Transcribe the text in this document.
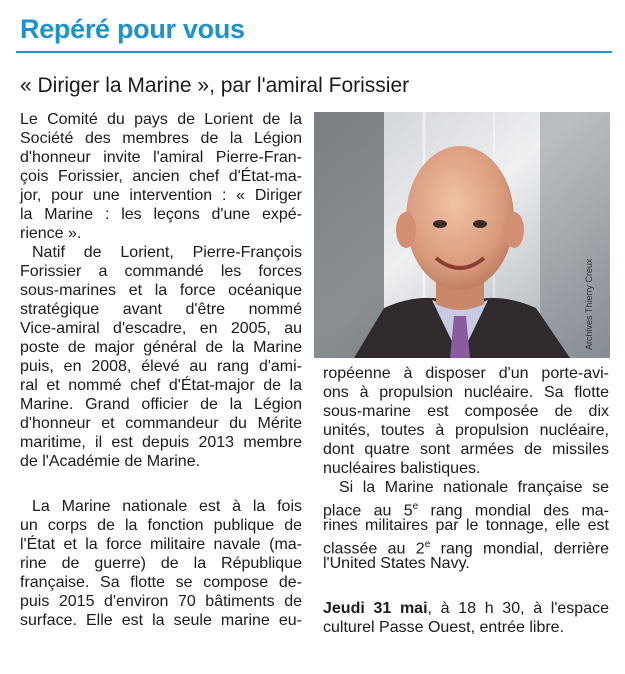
Repéré pour vous
« Diriger la Marine », par l'amiral Forissier
Le Comité du pays de Lorient de la
Société des membres de la Légion
d'honneur invite l'amiral Pierre-Fran-
çois Forissier, ancien chef d'État-ma-
jor, pour une intervention : « Diriger
la Marine : les leçons d'une expé-
rience ».
Natif de Lorient, Pierre-François
Forissier a commandé les forces
sous-marines et la force océanique
stratégique avant d'être nommé
Vice-amiral d'escadre, en 2005, au
poste de major général de la Marine
puis, en 2008, élevé au rang d'ami-
ral et nommé chef d'État-major de la
Marine. Grand officier de la Légion
d'honneur et commandeur du Mérite
maritime, il est depuis 2013 membre
de l'Académie de Marine.
La Marine nationale est à la fois
un corps de la fonction publique de
l'État et la force militaire navale (ma-
rine de guerre) de la République
française. Sa flotte se compose de-
puis 2015 d'environ 70 bâtiments de
surface. Elle est la seule marine eu-
Archives Thierry Creux
ropéenne à disposer d'un porte-avi-
ons à propulsion nucléaire. Sa flotte
sous-marine est composée de dix
unités, toutes à propulsion nucléaire,
dont quatre sont armées de missiles
nucléaires balistiques.
Si la Marine nationale française se
place au 5e rang mondial des ma-
rines militaires par le tonnage, elle est
classée au 2e rang mondial, derrière
l'United States Navy.
Jeudi 31 mai, à 18 h 30, à l'espace
culturel Passe Ouest, entrée libre.
